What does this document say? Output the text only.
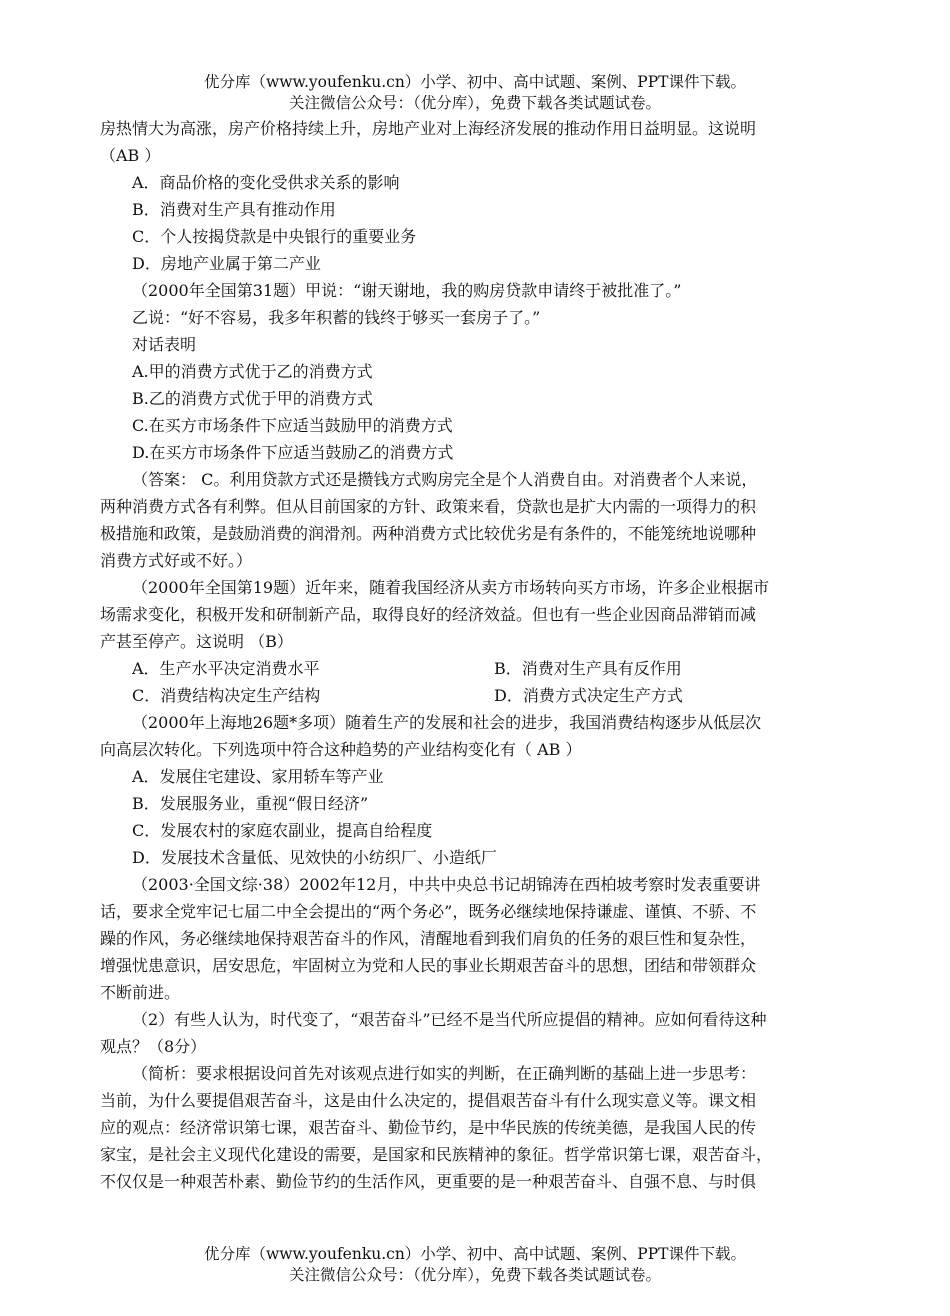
优分库（www.youfenku.cn）小学、初中、高中试题、案例、PPT课件下载。
关注微信公众号：（优分库），免费下载各类试题试卷。

房热情大为高涨，房产价格持续上升，房地产业对上海经济发展的推动作用日益明显。这说明

（AB ）

A．商品价格的变化受供求关系的影响

B．消费对生产具有推动作用

C．个人按揭贷款是中央银行的重要业务

D．房地产业属于第二产业

（2000年全国第31题）甲说：“谢天谢地，我的购房贷款申请终于被批准了。”

乙说：“好不容易，我多年积蓄的钱终于够买一套房子了。”

对话表明

A.甲的消费方式优于乙的消费方式

B.乙的消费方式优于甲的消费方式

C.在买方市场条件下应适当鼓励甲的消费方式

D.在买方市场条件下应适当鼓励乙的消费方式

（答案： C。利用贷款方式还是攒钱方式购房完全是个人消费自由。对消费者个人来说，

两种消费方式各有利弊。但从目前国家的方针、政策来看，贷款也是扩大内需的一项得力的积

极措施和政策，是鼓励消费的润滑剂。两种消费方式比较优劣是有条件的，不能笼统地说哪种

消费方式好或不好。）

（2000年全国第19题）近年来，随着我国经济从卖方市场转向买方市场，许多企业根据市

场需求变化，积极开发和研制新产品，取得良好的经济效益。但也有一些企业因商品滞销而减

产甚至停产。这说明 （B）

A．生产水平决定消费水平	B．消费对生产具有反作用
C．消费结构决定生产结构	D．消费方式决定生产方式

（2000年上海地26题*多项）随着生产的发展和社会的进步，我国消费结构逐步从低层次

向高层次转化。下列选项中符合这种趋势的产业结构变化有（ AB ）

A．发展住宅建设、家用轿车等产业

B．发展服务业，重视“假日经济”

C．发展农村的家庭农副业，提高自给程度

D．发展技术含量低、见效快的小纺织厂、小造纸厂

（2003·全国文综·38）2002年12月，中共中央总书记胡锦涛在西柏坡考察时发表重要讲

话，要求全党牢记七届二中全会提出的“两个务必”，既务必继续地保持谦虚、谨慎、不骄、不

躁的作风，务必继续地保持艰苦奋斗的作风，清醒地看到我们肩负的任务的艰巨性和复杂性，

增强忧患意识，居安思危，牢固树立为党和人民的事业长期艰苦奋斗的思想，团结和带领群众

不断前进。

（2）有些人认为，时代变了，“艰苦奋斗”已经不是当代所应提倡的精神。应如何看待这种

观点？（8分）

（简析：要求根据设问首先对该观点进行如实的判断，在正确判断的基础上进一步思考：

当前，为什么要提倡艰苦奋斗，这是由什么决定的，提倡艰苦奋斗有什么现实意义等。课文相

应的观点：经济常识第七课，艰苦奋斗、勤俭节约，是中华民族的传统美德，是我国人民的传

家宝，是社会主义现代化建设的需要，是国家和民族精神的象征。哲学常识第七课，艰苦奋斗，

不仅仅是一种艰苦朴素、勤俭节约的生活作风，更重要的是一种艰苦奋斗、自强不息、与时俱

优分库（www.youfenku.cn）小学、初中、高中试题、案例、PPT课件下载。
关注微信公众号：（优分库），免费下载各类试题试卷。
